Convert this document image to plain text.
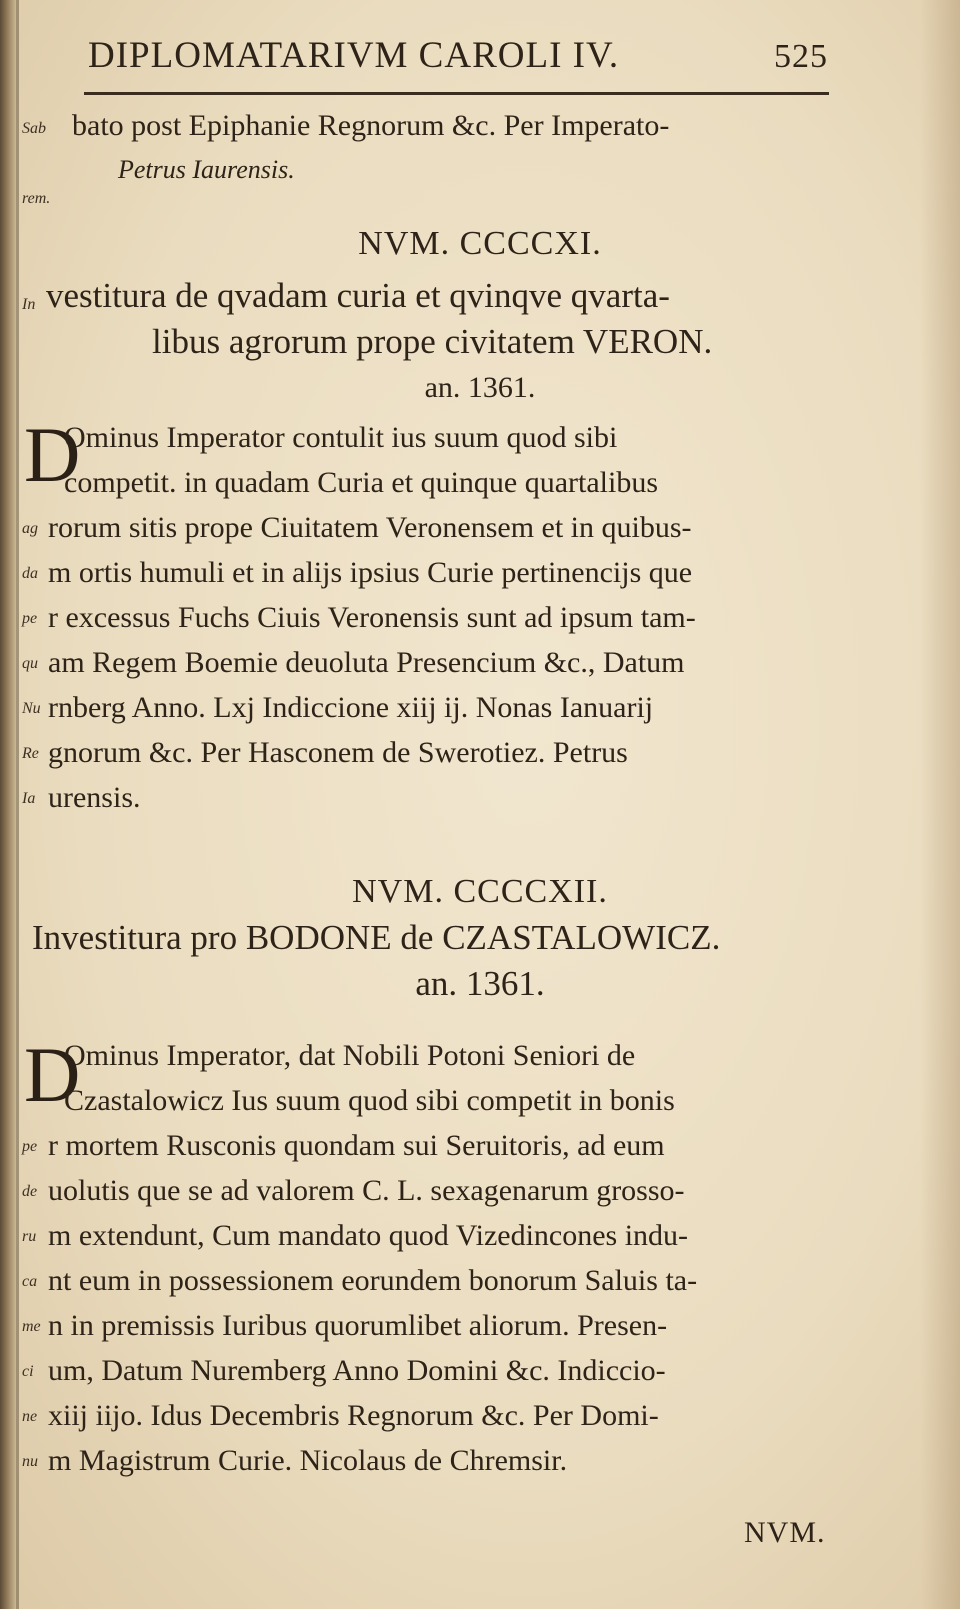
DIPLOMATARIVM CAROLI IV.	525
Sab bato post Epiphanie Regnorum &c. Per Imperato-
rem.
Petrus Iaurensis.
NVM. CCCCXI.
In vestitura de qvadam curia et qvinqve qvarta-
libus agrorum prope civitatem VERON.
an. 1361.
D
Ominus Imperator contulit ius suum quod sibi
competit. in quadam Curia et quinque quartalibus
ag rorum sitis prope Ciuitatem Veronensem et in quibus-
da m ortis humuli et in alijs ipsius Curie pertinencijs que
pe r excessus Fuchs Ciuis Veronensis sunt ad ipsum tam-
qu am Regem Boemie deuoluta Presencium &c., Datum
Nu rnberg Anno. Lxj Indiccione xiij ij. Nonas Ianuarij
Re gnorum &c. Per Hasconem de Swerotiez. Petrus
Ia urensis.
NVM. CCCCXII.
Investitura pro BODONE de CZASTALOWICZ.
an. 1361.
D
Ominus Imperator, dat Nobili Potoni Seniori de
Czastalowicz Ius suum quod sibi competit in bonis
pe r mortem Rusconis quondam sui Seruitoris, ad eum
de uolutis que se ad valorem C. L. sexagenarum grosso-
ru m extendunt, Cum mandato quod Vizedincones indu-
ca nt eum in possessionem eorundem bonorum Saluis ta-
me n in premissis Iuribus quorumlibet aliorum. Presen-
ci um, Datum Nuremberg Anno Domini &c. Indiccio-
ne xiij iijo. Idus Decembris Regnorum &c. Per Domi-
nu m Magistrum Curie. Nicolaus de Chremsir.
NVM.
